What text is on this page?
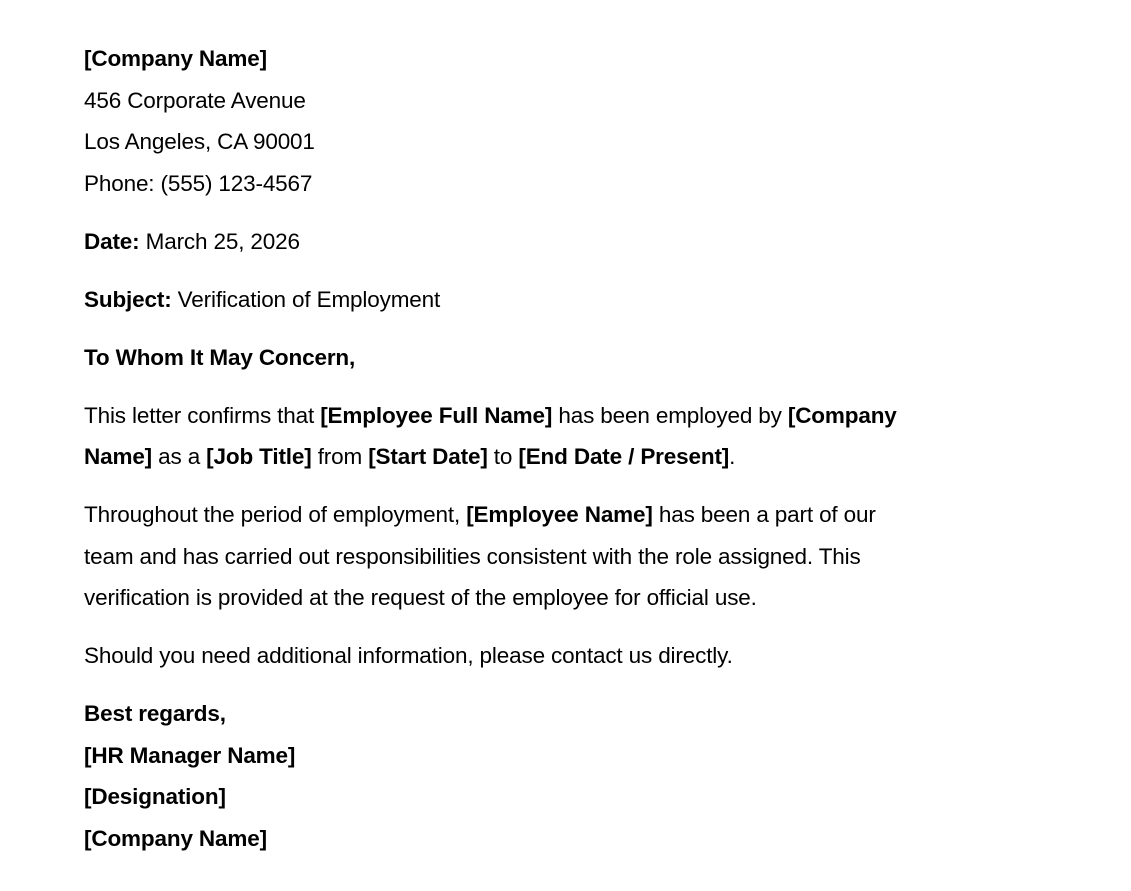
[Company Name]
456 Corporate Avenue
Los Angeles, CA 90001
Phone: (555) 123-4567
Date: March 25, 2026
Subject: Verification of Employment
To Whom It May Concern,
This letter confirms that [Employee Full Name] has been employed by [Company
Name] as a [Job Title] from [Start Date] to [End Date / Present].
Throughout the period of employment, [Employee Name] has been a part of our
team and has carried out responsibilities consistent with the role assigned. This
verification is provided at the request of the employee for official use.
Should you need additional information, please contact us directly.
Best regards,
[HR Manager Name]
[Designation]
[Company Name]
